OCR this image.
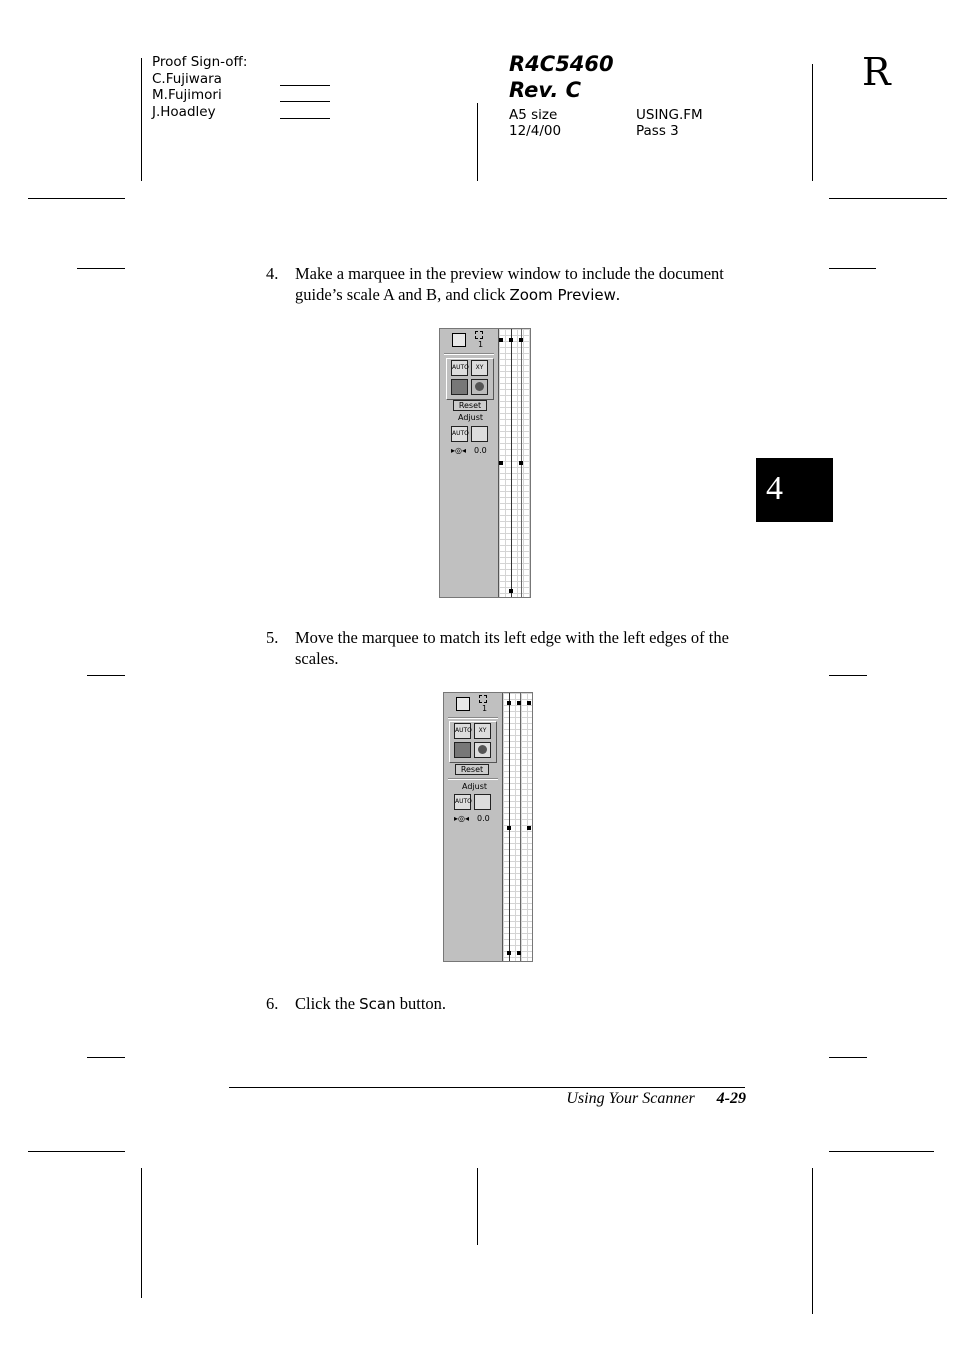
Proof Sign-off:
C.Fujiwara
M.Fujimori
J.Hoadley
R4C5460
Rev. C
A5 size	USING.FM
12/4/00	Pass 3
R
4
4. Make a marquee in the preview window to include the document guide’s scale A and B, and click Zoom Preview.
1
AUTO	XY
Reset
Adjust
AUTO
▸◎◂ 0.0
5. Move the marquee to match its left edge with the left edges of the scales.
1
AUTO	XY
Reset
Adjust
AUTO
▸◎◂ 0.0
6. Click the Scan button.
Using Your Scanner 4-29
